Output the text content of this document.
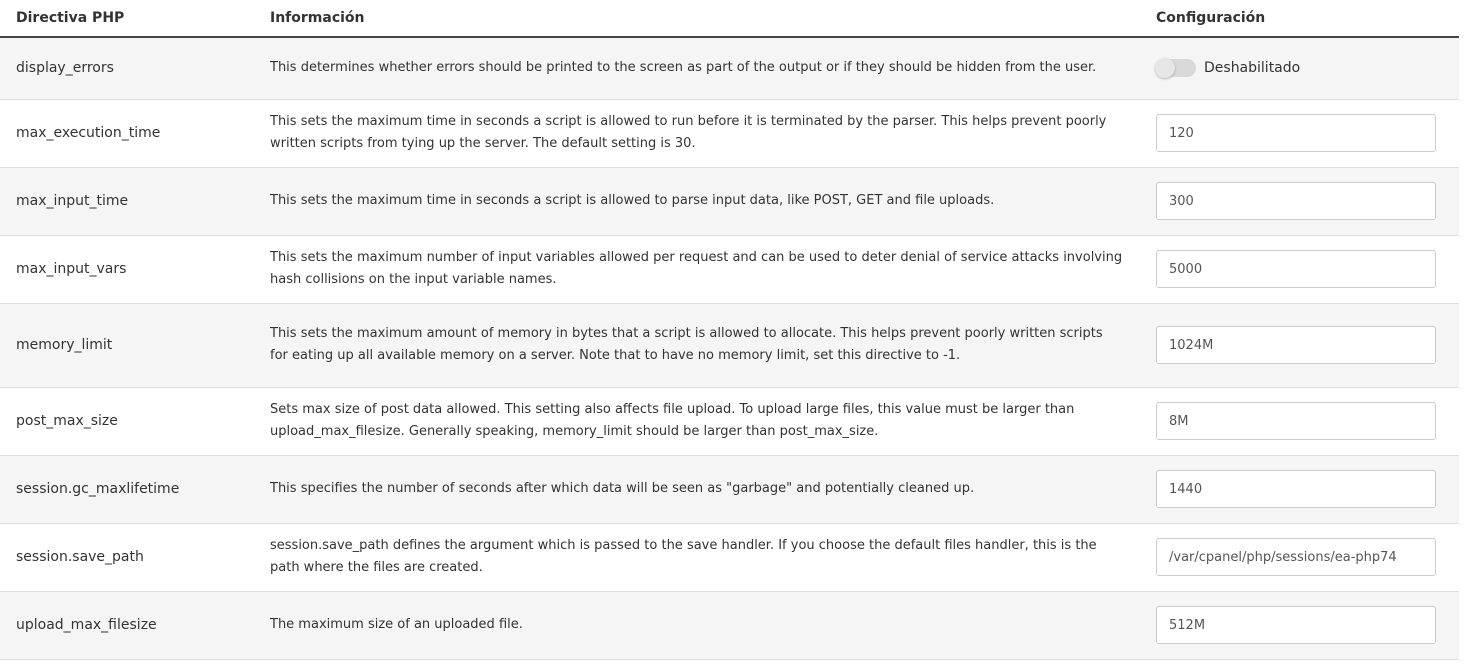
Directiva PHP	Información	Configuración
display_errors	This determines whether errors should be printed to the screen as part of the output or if they should be hidden from the user.	Deshabilitado

max_execution_time	This sets the maximum time in seconds a script is allowed to run before it is terminated by the parser. This helps prevent poorly written scripts from tying up the server. The default setting is 30.	120
max_input_time	This sets the maximum time in seconds a script is allowed to parse input data, like POST, GET and file uploads.	300
max_input_vars	This sets the maximum number of input variables allowed per request and can be used to deter denial of service attacks involving hash collisions on the input variable names.	5000
memory_limit	This sets the maximum amount of memory in bytes that a script is allowed to allocate. This helps prevent poorly written scripts for eating up all available memory on a server. Note that to have no memory limit, set this directive to -1.	1024M
post_max_size	Sets max size of post data allowed. This setting also affects file upload. To upload large files, this value must be larger than upload_max_filesize. Generally speaking, memory_limit should be larger than post_max_size.	8M
session.gc_maxlifetime	This specifies the number of seconds after which data will be seen as "garbage" and potentially cleaned up.	1440
session.save_path	session.save_path defines the argument which is passed to the save handler. If you choose the default files handler, this is the path where the files are created.	/var/cpanel/php/sessions/ea-php74
upload_max_filesize	The maximum size of an uploaded file.	512M
